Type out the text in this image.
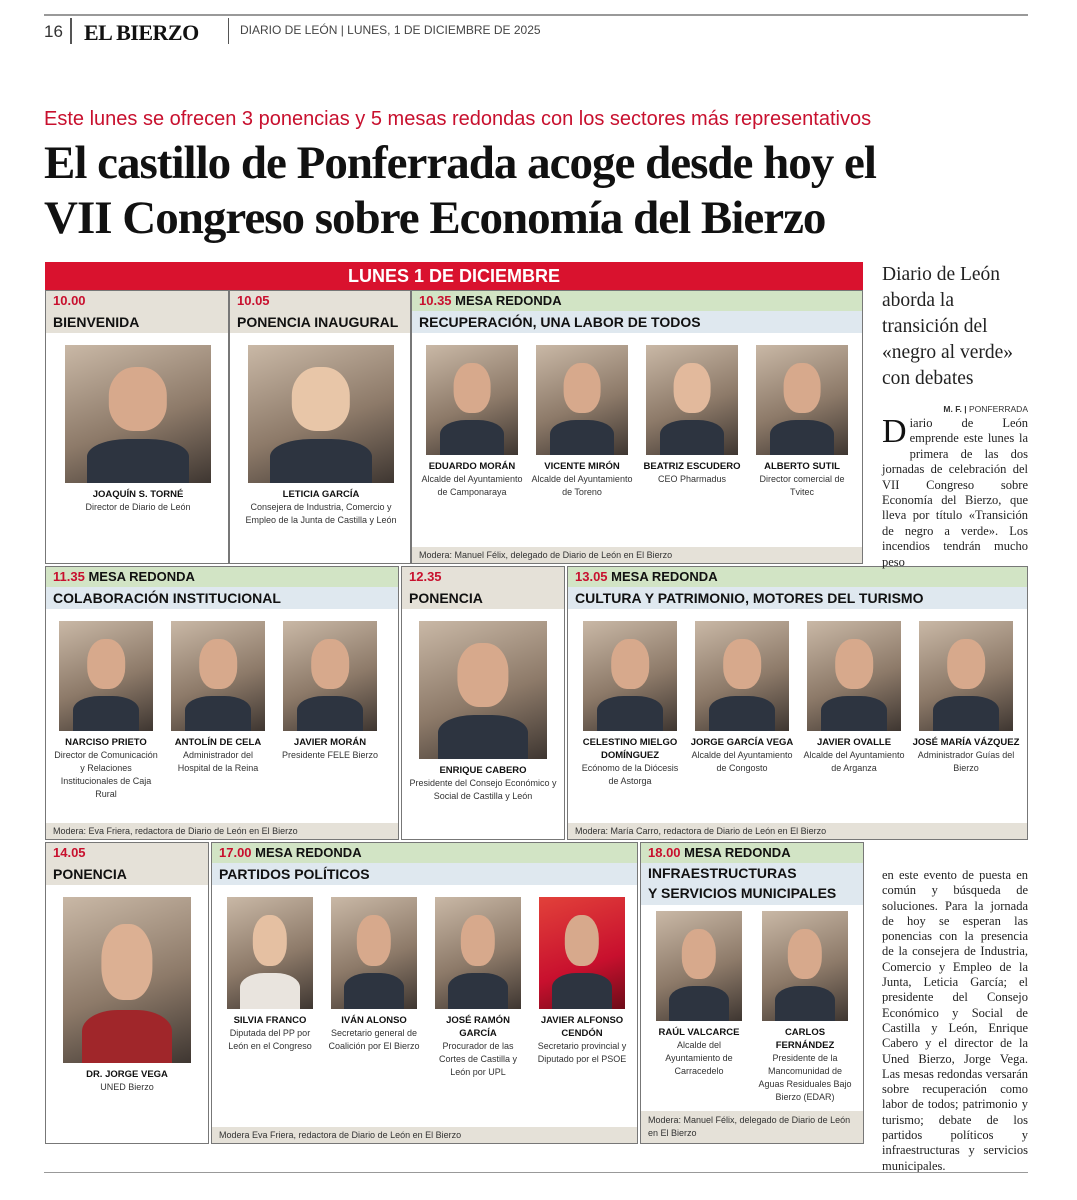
16 EL BIERZO	DIARIO DE LEÓN | LUNES, 1 DE DICIEMBRE DE 2025
Este lunes se ofrecen 3 ponencias y 5 mesas redondas con los sectores más representativos
El castillo de Ponferrada acoge desde hoy el
VII Congreso sobre Economía del Bierzo
LUNES 1 DE DICIEMBRE
10.00
BIENVENIDA
JOAQUÍN S. TORNÉ
Director de Diario de León
10.05
PONENCIA INAUGURAL
LETICIA GARCÍA
Consejera de Industria, Comercio y Empleo de la Junta de Castilla y León
10.35 MESA REDONDA
RECUPERACIÓN, UNA LABOR DE TODOS
EDUARDO MORÁN
Alcalde del Ayuntamiento de Camponaraya
VICENTE MIRÓN
Alcalde del Ayuntamiento de Toreno
BEATRIZ ESCUDERO
CEO Pharmadus
ALBERTO SUTIL
Director comercial de Tvitec
Modera: Manuel Félix, delegado de Diario de León en El Bierzo
11.35 MESA REDONDA
COLABORACIÓN INSTITUCIONAL
NARCISO PRIETO
Director de Comunicación y Relaciones Institucionales de Caja Rural
ANTOLÍN DE CELA
Administrador del Hospital de la Reina
JAVIER MORÁN
Presidente FELE Bierzo
Modera: Eva Friera, redactora de Diario de León en El Bierzo
12.35
PONENCIA
ENRIQUE CABERO
Presidente del Consejo Económico y Social de Castilla y León
13.05 MESA REDONDA
CULTURA Y PATRIMONIO, MOTORES DEL TURISMO
CELESTINO MIELGO DOMÍNGUEZ
Ecónomo de la Diócesis de Astorga
JORGE GARCÍA VEGA
Alcalde del Ayuntamiento de Congosto
JAVIER OVALLE
Alcalde del Ayuntamiento de Arganza
JOSÉ MARÍA VÁZQUEZ
Administrador Guías del Bierzo
Modera: María Carro, redactora de Diario de León en El Bierzo
14.05
PONENCIA
DR. JORGE VEGA
UNED Bierzo
17.00 MESA REDONDA
PARTIDOS POLÍTICOS
SILVIA FRANCO
Diputada del PP por León en el Congreso
IVÁN ALONSO
Secretario general de Coalición por El Bierzo
JOSÉ RAMÓN GARCÍA
Procurador de las Cortes de Castilla y León por UPL
JAVIER ALFONSO CENDÓN
Secretario provincial y Diputado por el PSOE
Modera Eva Friera, redactora de Diario de León en El Bierzo
18.00 MESA REDONDA
INFRAESTRUCTURAS
Y SERVICIOS MUNICIPALES
RAÚL VALCARCE
Alcalde del Ayuntamiento de Carracedelo
CARLOS FERNÁNDEZ
Presidente de la Mancomunidad de Aguas Residuales Bajo Bierzo (EDAR)
Modera: Manuel Félix, delegado de Diario de León en El Bierzo
Diario de León aborda la transición del «negro al verde» con debates
M. F. | PONFERRADA
Diario de León emprende este lunes la primera de las dos jornadas de celebración del VII Congreso sobre Economía del Bierzo, que lleva por título «Transición de negro a verde». Los incendios tendrán mucho peso
en este evento de puesta en común y búsqueda de soluciones. Para la jornada de hoy se esperan las ponencias con la presencia de la consejera de Industria, Comercio y Empleo de la Junta, Leticia García; el presidente del Consejo Económico y Social de Castilla y León, Enrique Cabero y el director de la Uned Bierzo, Jorge Vega. Las mesas redondas versarán sobre recuperación como labor de todos; patrimonio y turismo; debate de los partidos políticos y infraestructuras y servicios municipales.
